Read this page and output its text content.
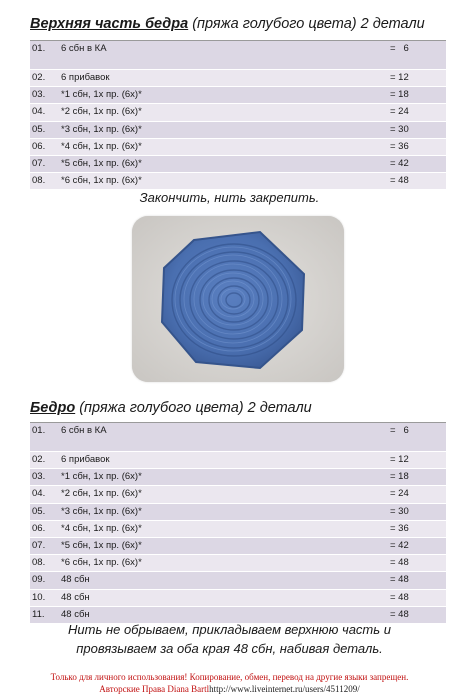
Верхняя часть бедра (пряжа голубого цвета) 2 детали
01. 6 сбн в КА	=   6
02. 6 прибавок	= 12
03. *1 сбн, 1х пр. (6х)*	= 18
04. *2 сбн, 1х пр. (6х)*	= 24
05. *3 сбн, 1х пр. (6х)*	= 30
06. *4 сбн, 1х пр. (6х)*	= 36
07. *5 сбн, 1х пр. (6х)*	= 42
08. *6 сбн, 1х пр. (6х)*	= 48
Закончить, нить закрепить.
Бедро (пряжа голубого цвета) 2 детали
01. 6 сбн в КА	=   6
02. 6 прибавок	= 12
03. *1 сбн, 1х пр. (6х)*	= 18
04. *2 сбн, 1х пр. (6х)*	= 24
05. *3 сбн, 1х пр. (6х)*	= 30
06. *4 сбн, 1х пр. (6х)*	= 36
07. *5 сбн, 1х пр. (6х)*	= 42
08. *6 сбн, 1х пр. (6х)*	= 48
09. 48 сбн	= 48
10. 48 сбн	= 48
11. 48 сбн	= 48
Нить не обрываем, прикладываем верхнюю часть и
провязываем за оба края 48 сбн, набивая деталь.
Только для личного использования! Копирование, обмен, перевод на другие языки запрещен.
Авторские Права Diana Bartlhttp://www.liveinternet.ru/users/4511209/
